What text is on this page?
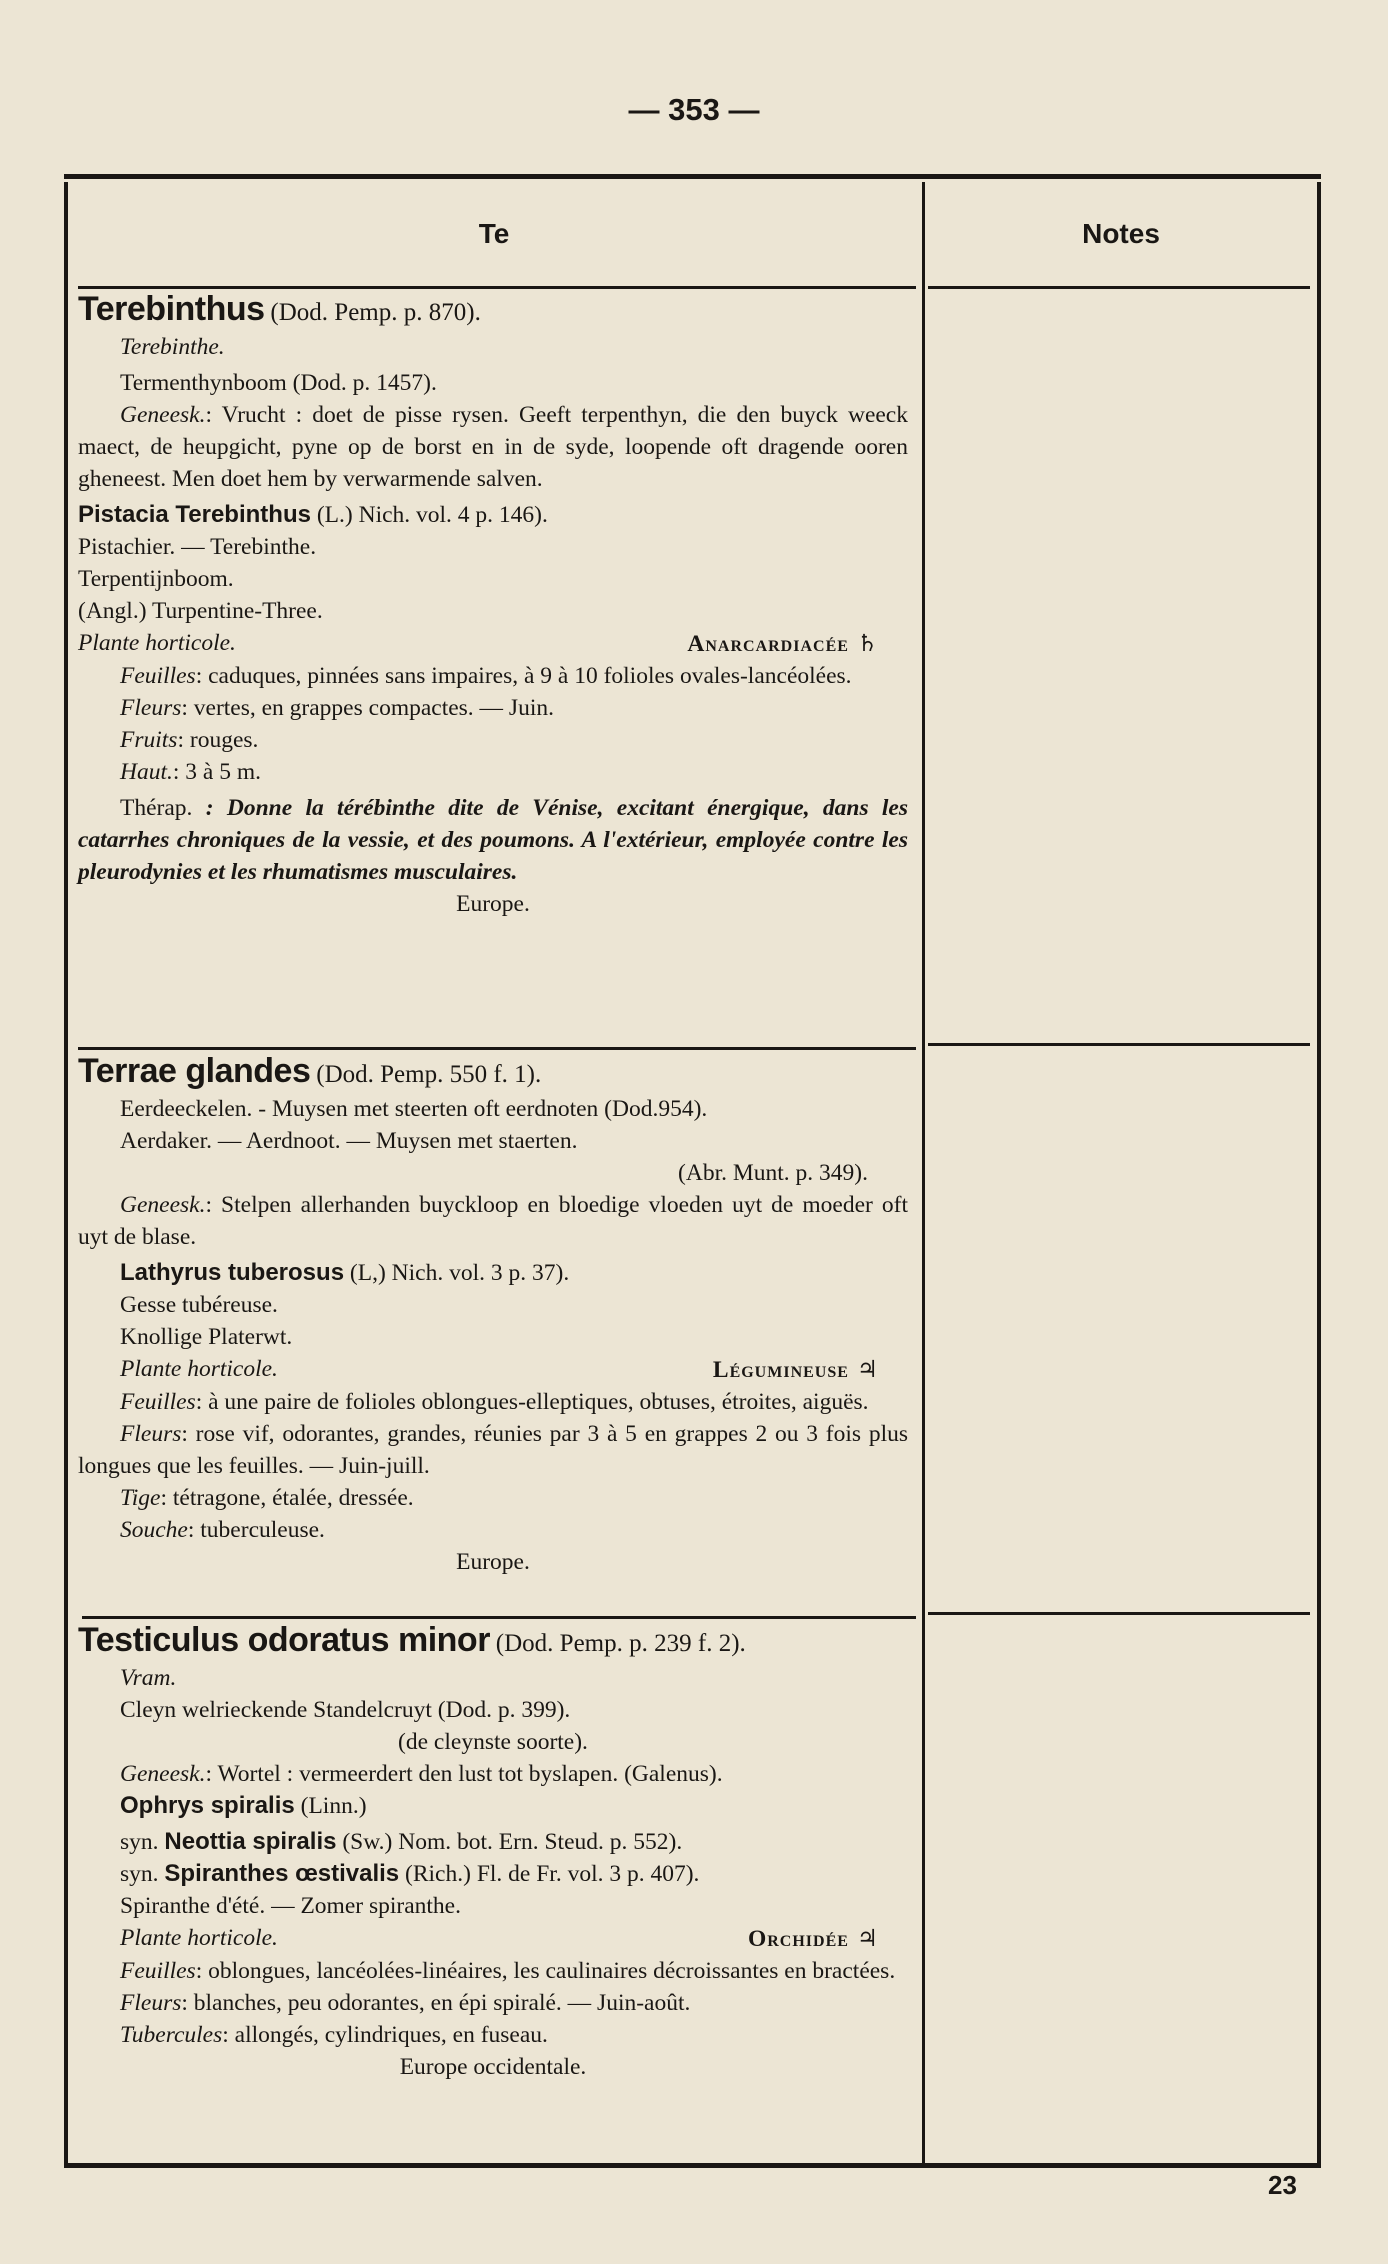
— 353 —
Te	Notes

Terebinthus (Dod. Pemp. p. 870).

Terebinthe.

Termenthynboom (Dod. p. 1457).

Geneesk.: Vrucht : doet de pisse rysen. Geeft terpenthyn, die den buyck weeck maect, de heupgicht, pyne op de borst en in de syde, loopende oft dragende ooren gheneest. Men doet hem by verwarmende salven.

Pistacia Terebinthus (L.) Nich. vol. 4 p. 146).

Pistachier. — Terebinthe.

Terpentijnboom.

(Angl.) Turpentine-Three.

Plante horticole.	Anarcardiacée ♄

Feuilles: caduques, pinnées sans impaires, à 9 à 10 folioles ovales-lancéolées.

Fleurs: vertes, en grappes compactes. — Juin.

Fruits: rouges.

Haut.: 3 à 5 m.

Thérap. : Donne la térébinthe dite de Vénise, excitant énergique, dans les catarrhes chroniques de la vessie, et des poumons. A l'extérieur, employée contre les pleurodynies et les rhumatismes musculaires.

Europe.

Terrae glandes (Dod. Pemp. 550 f. 1).

Eerdeeckelen. - Muysen met steerten oft eerdnoten (Dod.954).

Aerdaker. — Aerdnoot. — Muysen met staerten.

(Abr. Munt. p. 349).

Geneesk.: Stelpen allerhanden buyckloop en bloedige vloeden uyt de moeder oft uyt de blase.

Lathyrus tuberosus (L,) Nich. vol. 3 p. 37).

Gesse tubéreuse.

Knollige Platerwt.

Plante horticole.	Légumineuse ♃

Feuilles: à une paire de folioles oblongues-elleptiques, obtuses, étroites, aiguës.

Fleurs: rose vif, odorantes, grandes, réunies par 3 à 5 en grappes 2 ou 3 fois plus longues que les feuilles. — Juin-juill.

Tige: tétragone, étalée, dressée.

Souche: tuberculeuse.

Europe.

Testiculus odoratus minor (Dod. Pemp. p. 239 f. 2).

Vram.

Cleyn welrieckende Standelcruyt (Dod. p. 399).

(de cleynste soorte).

Geneesk.: Wortel : vermeerdert den lust tot byslapen. (Galenus).

Ophrys spiralis (Linn.)

syn. Neottia spiralis (Sw.) Nom. bot. Ern. Steud. p. 552).

syn. Spiranthes œstivalis (Rich.) Fl. de Fr. vol. 3 p. 407).

Spiranthe d'été. — Zomer spiranthe.

Plante horticole.	Orchidée ♃

Feuilles: oblongues, lancéolées-linéaires, les caulinaires décroissantes en bractées.

Fleurs: blanches, peu odorantes, en épi spiralé. — Juin-août.

Tubercules: allongés, cylindriques, en fuseau.

Europe occidentale.

23
